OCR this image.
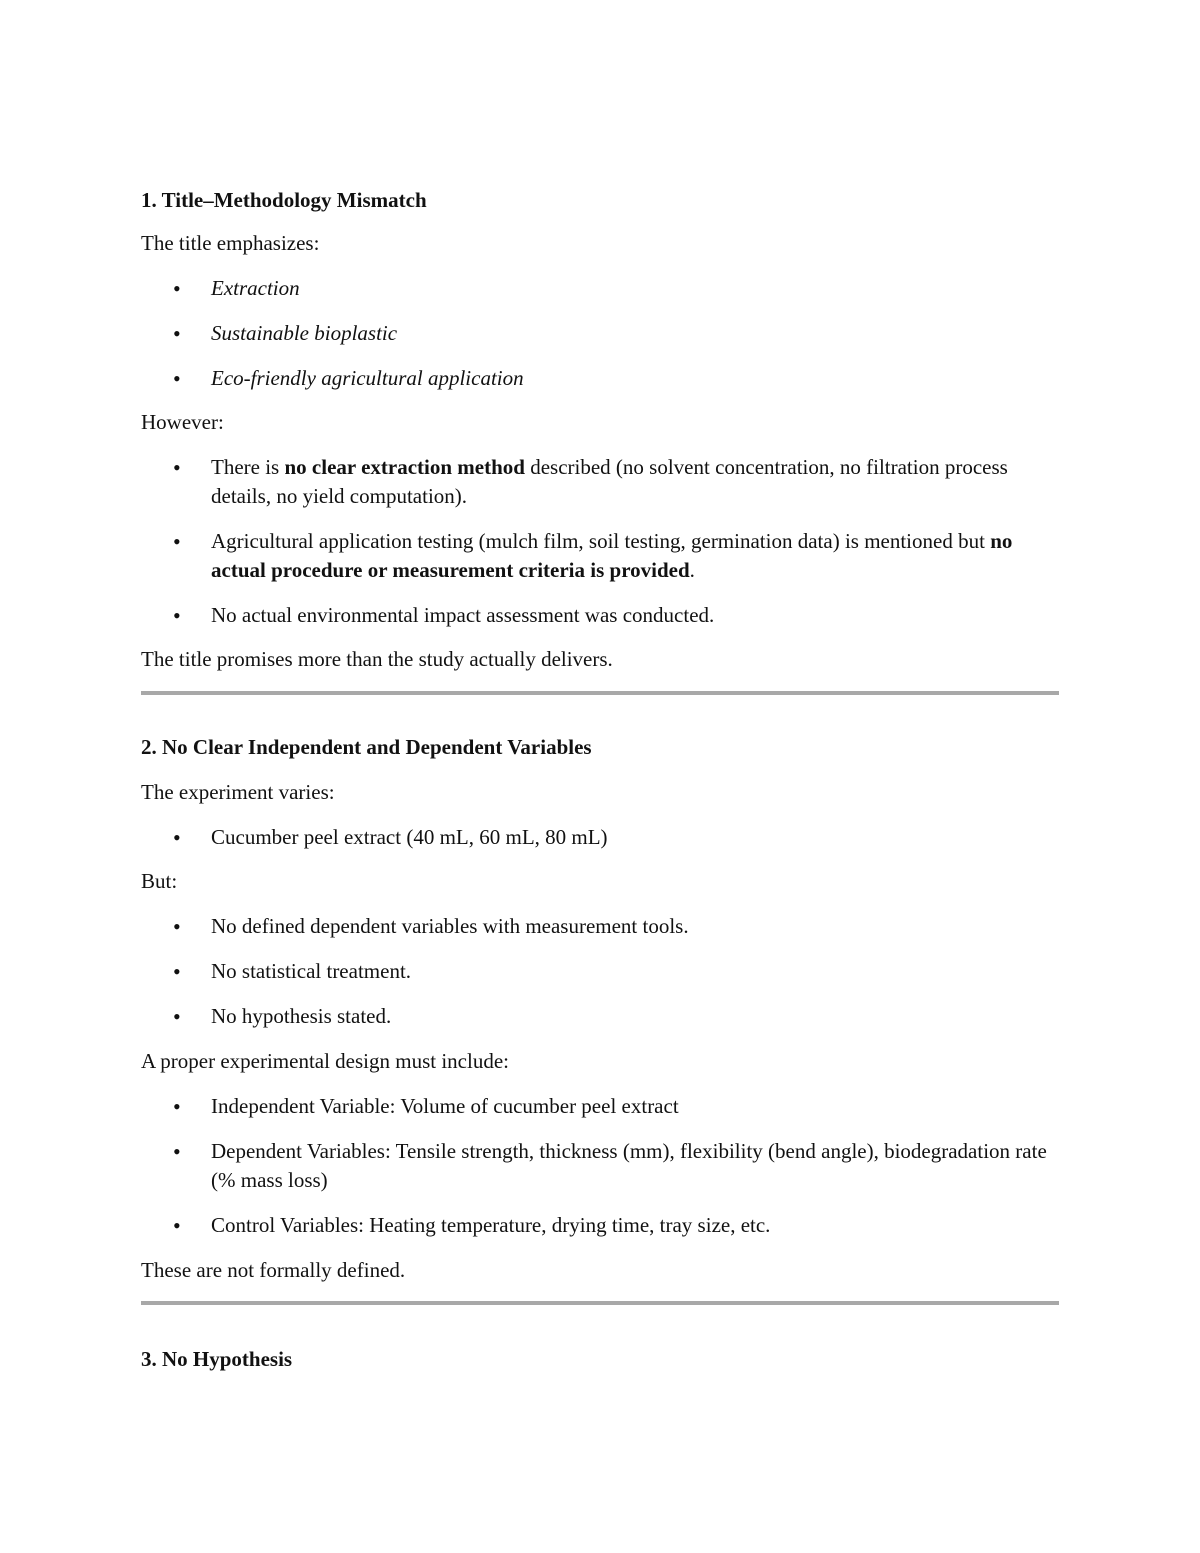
1. Title–Methodology Mismatch

The title emphasizes:

• Extraction
• Sustainable bioplastic
• Eco-friendly agricultural application

However:

• There is no clear extraction method described (no solvent concentration, no filtration process details, no yield computation).
• Agricultural application testing (mulch film, soil testing, germination data) is mentioned but no actual procedure or measurement criteria is provided.
• No actual environmental impact assessment was conducted.

The title promises more than the study actually delivers.

2. No Clear Independent and Dependent Variables

The experiment varies:

• Cucumber peel extract (40 mL, 60 mL, 80 mL)

But:

• No defined dependent variables with measurement tools.
• No statistical treatment.
• No hypothesis stated.

A proper experimental design must include:

• Independent Variable: Volume of cucumber peel extract
• Dependent Variables: Tensile strength, thickness (mm), flexibility (bend angle), biodegradation rate (% mass loss)
• Control Variables: Heating temperature, drying time, tray size, etc.

These are not formally defined.

3. No Hypothesis
